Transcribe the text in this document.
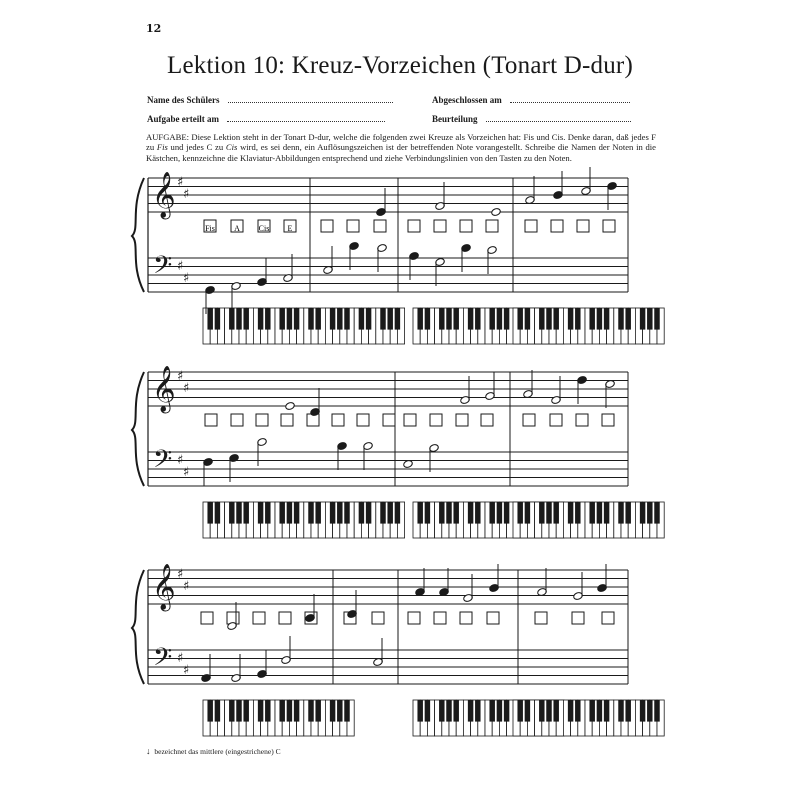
12
Lektion 10: Kreuz-Vorzeichen (Tonart D-dur)
Name des Schülers	Abgeschlossen am
Aufgabe erteilt am	Beurteilung
AUFGABE: Diese Lektion steht in der Tonart D-dur, welche die folgenden zwei Kreuze als Vorzeichen hat: Fis und Cis. Denke daran, daß jedes F zu Fis und jedes C zu Cis wird, es sei denn, ein Auflösungszeichen ist der betreffenden Note vorangestellt. Schreibe die Namen der Noten in die Kästchen, kennzeichne die Klaviatur-Abbildungen entsprechend und ziehe Verbindungslinien von den Tasten zu den Noten.
𝄞
𝄢
♯
♯
♯
♯
𝄞
𝄢
♯
♯
♯
♯
𝄞
𝄢
♯
♯
♯
♯
Fis A Cis E
↓ bezeichnet das mittlere (eingestrichene) C
